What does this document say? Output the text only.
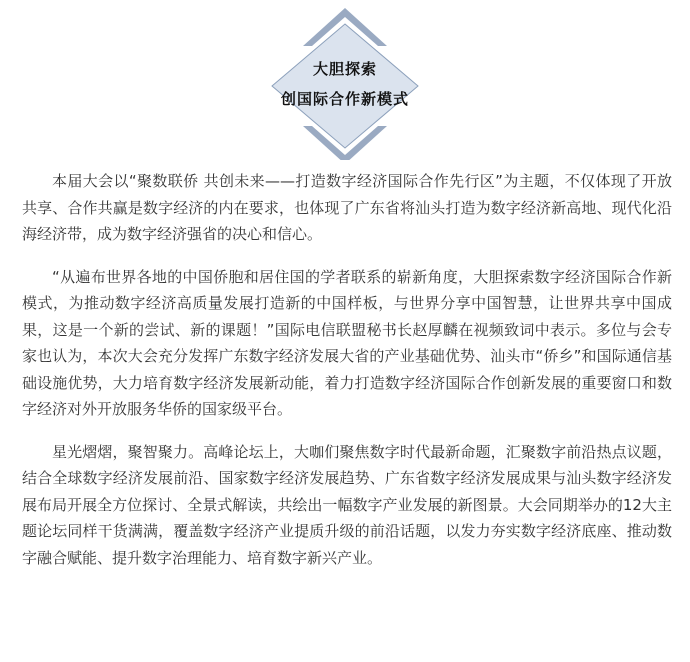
大胆探索
创国际合作新模式

本届大会以“聚数联侨 共创未来——打造数字经济国际合作先行区”为主题，不仅体现了开放共享、合作共赢是数字经济的内在要求，也体现了广东省将汕头打造为数字经济新高地、现代化沿海经济带，成为数字经济强省的决心和信心。

“从遍布世界各地的中国侨胞和居住国的学者联系的崭新角度，大胆探索数字经济国际合作新模式，为推动数字经济高质量发展打造新的中国样板，与世界分享中国智慧，让世界共享中国成果，这是一个新的尝试、新的课题！”国际电信联盟秘书长赵厚麟在视频致词中表示。多位与会专家也认为，本次大会充分发挥广东数字经济发展大省的产业基础优势、汕头市“侨乡”和国际通信基础设施优势，大力培育数字经济发展新动能，着力打造数字经济国际合作创新发展的重要窗口和数字经济对外开放服务华侨的国家级平台。

星光熠熠，聚智聚力。高峰论坛上，大咖们聚焦数字时代最新命题，汇聚数字前沿热点议题，结合全球数字经济发展前沿、国家数字经济发展趋势、广东省数字经济发展成果与汕头数字经济发展布局开展全方位探讨、全景式解读，共绘出一幅数字产业发展的新图景。大会同期举办的12大主题论坛同样干货满满，覆盖数字经济产业提质升级的前沿话题，以发力夯实数字经济底座、推动数字融合赋能、提升数字治理能力、培育数字新兴产业。
